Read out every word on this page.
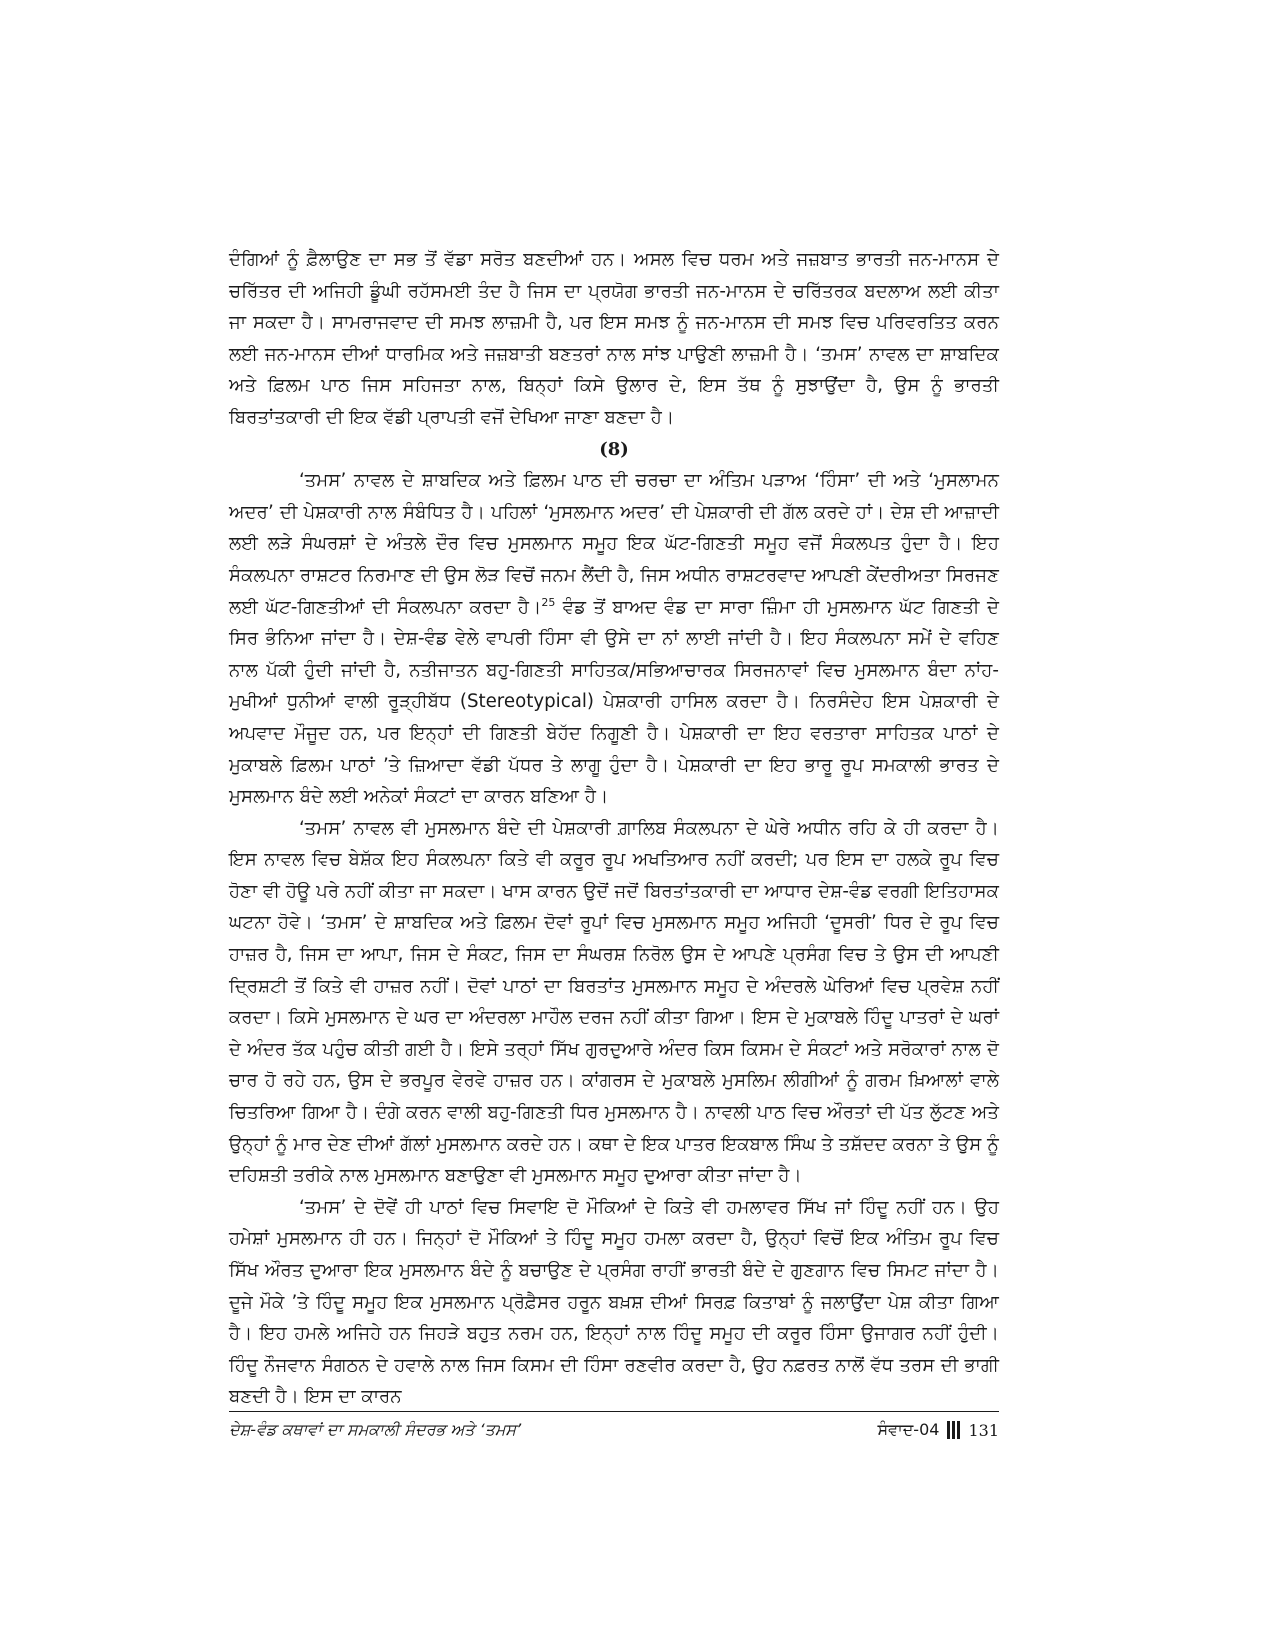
ਦੰਗਿਆਂ ਨੂੰ ਫ਼ੈਲਾਉਣ ਦਾ ਸਭ ਤੋਂ ਵੱਡਾ ਸਰੋਤ ਬਣਦੀਆਂ ਹਨ। ਅਸਲ ਵਿਚ ਧਰਮ ਅਤੇ ਜਜ਼ਬਾਤ ਭਾਰਤੀ ਜਨ-ਮਾਨਸ ਦੇ ਚਰਿੱਤਰ ਦੀ ਅਜਿਹੀ ਡੂੰਘੀ ਰਹੱਸਮਈ ਤੰਦ ਹੈ ਜਿਸ ਦਾ ਪ੍ਰਯੋਗ ਭਾਰਤੀ ਜਨ-ਮਾਨਸ ਦੇ ਚਰਿੱਤਰਕ ਬਦਲਾਅ ਲਈ ਕੀਤਾ ਜਾ ਸਕਦਾ ਹੈ। ਸਾਮਰਾਜਵਾਦ ਦੀ ਸਮਝ ਲਾਜ਼ਮੀ ਹੈ, ਪਰ ਇਸ ਸਮਝ ਨੂੰ ਜਨ-ਮਾਨਸ ਦੀ ਸਮਝ ਵਿਚ ਪਰਿਵਰਤਿਤ ਕਰਨ ਲਈ ਜਨ-ਮਾਨਸ ਦੀਆਂ ਧਾਰਮਿਕ ਅਤੇ ਜਜ਼ਬਾਤੀ ਬਣਤਰਾਂ ਨਾਲ ਸਾਂਝ ਪਾਉਣੀ ਲਾਜ਼ਮੀ ਹੈ। ‘ਤਮਸ’ ਨਾਵਲ ਦਾ ਸ਼ਾਬਦਿਕ ਅਤੇ ਫ਼ਿਲਮ ਪਾਠ ਜਿਸ ਸਹਿਜਤਾ ਨਾਲ, ਬਿਨ੍ਹਾਂ ਕਿਸੇ ਉਲਾਰ ਦੇ, ਇਸ ਤੱਥ ਨੂੰ ਸੁਝਾਉਂਦਾ ਹੈ, ਉਸ ਨੂੰ ਭਾਰਤੀ ਬਿਰਤਾਂਤਕਾਰੀ ਦੀ ਇਕ ਵੱਡੀ ਪ੍ਰਾਪਤੀ ਵਜੋਂ ਦੇਖਿਆ ਜਾਣਾ ਬਣਦਾ ਹੈ।

(8)

‘ਤਮਸ’ ਨਾਵਲ ਦੇ ਸ਼ਾਬਦਿਕ ਅਤੇ ਫ਼ਿਲਮ ਪਾਠ ਦੀ ਚਰਚਾ ਦਾ ਅੰਤਿਮ ਪੜਾਅ ‘ਹਿੰਸਾ’ ਦੀ ਅਤੇ ‘ਮੁਸਲਾਮਨ ਅਦਰ’ ਦੀ ਪੇਸ਼ਕਾਰੀ ਨਾਲ ਸੰਬੰਧਿਤ ਹੈ। ਪਹਿਲਾਂ ‘ਮੁਸਲਮਾਨ ਅਦਰ’ ਦੀ ਪੇਸ਼ਕਾਰੀ ਦੀ ਗੱਲ ਕਰਦੇ ਹਾਂ। ਦੇਸ਼ ਦੀ ਆਜ਼ਾਦੀ ਲਈ ਲੜੇ ਸੰਘਰਸ਼ਾਂ ਦੇ ਅੰਤਲੇ ਦੌਰ ਵਿਚ ਮੁਸਲਮਾਨ ਸਮੂਹ ਇਕ ਘੱਟ-ਗਿਣਤੀ ਸਮੂਹ ਵਜੋਂ ਸੰਕਲਪਤ ਹੁੰਦਾ ਹੈ। ਇਹ ਸੰਕਲਪਨਾ ਰਾਸ਼ਟਰ ਨਿਰਮਾਣ ਦੀ ਉਸ ਲੋੜ ਵਿਚੋਂ ਜਨਮ ਲੈਂਦੀ ਹੈ, ਜਿਸ ਅਧੀਨ ਰਾਸ਼ਟਰਵਾਦ ਆਪਣੀ ਕੇਂਦਰੀਅਤਾ ਸਿਰਜਣ ਲਈ ਘੱਟ-ਗਿਣਤੀਆਂ ਦੀ ਸੰਕਲਪਨਾ ਕਰਦਾ ਹੈ।$^{25}$ ਵੰਡ ਤੋਂ ਬਾਅਦ ਵੰਡ ਦਾ ਸਾਰਾ ਜ਼ਿੰਮਾ ਹੀ ਮੁਸਲਮਾਨ ਘੱਟ ਗਿਣਤੀ ਦੇ ਸਿਰ ਭੰਨਿਆ ਜਾਂਦਾ ਹੈ। ਦੇਸ਼-ਵੰਡ ਵੇਲੇ ਵਾਪਰੀ ਹਿੰਸਾ ਵੀ ਉਸੇ ਦਾ ਨਾਂ ਲਾਈ ਜਾਂਦੀ ਹੈ। ਇਹ ਸੰਕਲਪਨਾ ਸਮੇਂ ਦੇ ਵਹਿਣ ਨਾਲ ਪੱਕੀ ਹੁੰਦੀ ਜਾਂਦੀ ਹੈ, ਨਤੀਜਾਤਨ ਬਹੁ-ਗਿਣਤੀ ਸਾਹਿਤਕ/ਸਭਿਆਚਾਰਕ ਸਿਰਜਨਾਵਾਂ ਵਿਚ ਮੁਸਲਮਾਨ ਬੰਦਾ ਨਾਂਹ-ਮੁਖੀਆਂ ਧੁਨੀਆਂ ਵਾਲੀ ਰੂੜ੍ਹੀਬੱਧ (Stereotypical) ਪੇਸ਼ਕਾਰੀ ਹਾਸਿਲ ਕਰਦਾ ਹੈ। ਨਿਰਸੰਦੇਹ ਇਸ ਪੇਸ਼ਕਾਰੀ ਦੇ ਅਪਵਾਦ ਮੌਜੂਦ ਹਨ, ਪਰ ਇਨ੍ਹਾਂ ਦੀ ਗਿਣਤੀ ਬੇਹੱਦ ਨਿਗੂਣੀ ਹੈ। ਪੇਸ਼ਕਾਰੀ ਦਾ ਇਹ ਵਰਤਾਰਾ ਸਾਹਿਤਕ ਪਾਠਾਂ ਦੇ ਮੁਕਾਬਲੇ ਫ਼ਿਲਮ ਪਾਠਾਂ ’ਤੇ ਜ਼ਿਆਦਾ ਵੱਡੀ ਪੱਧਰ ਤੇ ਲਾਗੂ ਹੁੰਦਾ ਹੈ। ਪੇਸ਼ਕਾਰੀ ਦਾ ਇਹ ਭਾਰੂ ਰੂਪ ਸਮਕਾਲੀ ਭਾਰਤ ਦੇ ਮੁਸਲਮਾਨ ਬੰਦੇ ਲਈ ਅਨੇਕਾਂ ਸੰਕਟਾਂ ਦਾ ਕਾਰਨ ਬਣਿਆ ਹੈ।

‘ਤਮਸ’ ਨਾਵਲ ਵੀ ਮੁਸਲਮਾਨ ਬੰਦੇ ਦੀ ਪੇਸ਼ਕਾਰੀ ਗ਼ਾਲਿਬ ਸੰਕਲਪਨਾ ਦੇ ਘੇਰੇ ਅਧੀਨ ਰਹਿ ਕੇ ਹੀ ਕਰਦਾ ਹੈ। ਇਸ ਨਾਵਲ ਵਿਚ ਬੇਸ਼ੱਕ ਇਹ ਸੰਕਲਪਨਾ ਕਿਤੇ ਵੀ ਕਰੂਰ ਰੂਪ ਅਖਤਿਆਰ ਨਹੀਂ ਕਰਦੀ; ਪਰ ਇਸ ਦਾ ਹਲਕੇ ਰੂਪ ਵਿਚ ਹੋਣਾ ਵੀ ਹੋਊ ਪਰੇ ਨਹੀਂ ਕੀਤਾ ਜਾ ਸਕਦਾ। ਖਾਸ ਕਾਰਨ ਉਦੋਂ ਜਦੋਂ ਬਿਰਤਾਂਤਕਾਰੀ ਦਾ ਆਧਾਰ ਦੇਸ਼-ਵੰਡ ਵਰਗੀ ਇਤਿਹਾਸਕ ਘਟਨਾ ਹੋਵੇ। ‘ਤਮਸ’ ਦੇ ਸ਼ਾਬਦਿਕ ਅਤੇ ਫ਼ਿਲਮ ਦੋਵਾਂ ਰੂਪਾਂ ਵਿਚ ਮੁਸਲਮਾਨ ਸਮੂਹ ਅਜਿਹੀ ‘ਦੂਸਰੀ’ ਧਿਰ ਦੇ ਰੂਪ ਵਿਚ ਹਾਜ਼ਰ ਹੈ, ਜਿਸ ਦਾ ਆਪਾ, ਜਿਸ ਦੇ ਸੰਕਟ, ਜਿਸ ਦਾ ਸੰਘਰਸ਼ ਨਿਰੋਲ ਉਸ ਦੇ ਆਪਣੇ ਪ੍ਰਸੰਗ ਵਿਚ ਤੇ ਉਸ ਦੀ ਆਪਣੀ ਦ੍ਰਿਸ਼ਟੀ ਤੋਂ ਕਿਤੇ ਵੀ ਹਾਜ਼ਰ ਨਹੀਂ। ਦੋਵਾਂ ਪਾਠਾਂ ਦਾ ਬਿਰਤਾਂਤ ਮੁਸਲਮਾਨ ਸਮੂਹ ਦੇ ਅੰਦਰਲੇ ਘੇਰਿਆਂ ਵਿਚ ਪ੍ਰਵੇਸ਼ ਨਹੀਂ ਕਰਦਾ। ਕਿਸੇ ਮੁਸਲਮਾਨ ਦੇ ਘਰ ਦਾ ਅੰਦਰਲਾ ਮਾਹੌਲ ਦਰਜ ਨਹੀਂ ਕੀਤਾ ਗਿਆ। ਇਸ ਦੇ ਮੁਕਾਬਲੇ ਹਿੰਦੂ ਪਾਤਰਾਂ ਦੇ ਘਰਾਂ ਦੇ ਅੰਦਰ ਤੱਕ ਪਹੁੰਚ ਕੀਤੀ ਗਈ ਹੈ। ਇਸੇ ਤਰ੍ਹਾਂ ਸਿੱਖ ਗੁਰਦੁਆਰੇ ਅੰਦਰ ਕਿਸ ਕਿਸਮ ਦੇ ਸੰਕਟਾਂ ਅਤੇ ਸਰੋਕਾਰਾਂ ਨਾਲ ਦੋ ਚਾਰ ਹੋ ਰਹੇ ਹਨ, ਉਸ ਦੇ ਭਰਪੂਰ ਵੇਰਵੇ ਹਾਜ਼ਰ ਹਨ। ਕਾਂਗਰਸ ਦੇ ਮੁਕਾਬਲੇ ਮੁਸਲਿਮ ਲੀਗੀਆਂ ਨੂੰ ਗਰਮ ਖ਼ਿਆਲਾਂ ਵਾਲੇ ਚਿਤਰਿਆ ਗਿਆ ਹੈ। ਦੰਗੇ ਕਰਨ ਵਾਲੀ ਬਹੁ-ਗਿਣਤੀ ਧਿਰ ਮੁਸਲਮਾਨ ਹੈ। ਨਾਵਲੀ ਪਾਠ ਵਿਚ ਔਰਤਾਂ ਦੀ ਪੱਤ ਲੁੱਟਣ ਅਤੇ ਉਨ੍ਹਾਂ ਨੂੰ ਮਾਰ ਦੇਣ ਦੀਆਂ ਗੱਲਾਂ ਮੁਸਲਮਾਨ ਕਰਦੇ ਹਨ। ਕਥਾ ਦੇ ਇਕ ਪਾਤਰ ਇਕਬਾਲ ਸਿੰਘ ਤੇ ਤਸ਼ੱਦਦ ਕਰਨਾ ਤੇ ਉਸ ਨੂੰ ਦਹਿਸ਼ਤੀ ਤਰੀਕੇ ਨਾਲ ਮੁਸਲਮਾਨ ਬਣਾਉਣਾ ਵੀ ਮੁਸਲਮਾਨ ਸਮੂਹ ਦੁਆਰਾ ਕੀਤਾ ਜਾਂਦਾ ਹੈ।

‘ਤਮਸ’ ਦੇ ਦੋਵੇਂ ਹੀ ਪਾਠਾਂ ਵਿਚ ਸਿਵਾਇ ਦੋ ਮੌਕਿਆਂ ਦੇ ਕਿਤੇ ਵੀ ਹਮਲਾਵਰ ਸਿੱਖ ਜਾਂ ਹਿੰਦੂ ਨਹੀਂ ਹਨ। ਉਹ ਹਮੇਸ਼ਾਂ ਮੁਸਲਮਾਨ ਹੀ ਹਨ। ਜਿਨ੍ਹਾਂ ਦੋ ਮੌਕਿਆਂ ਤੇ ਹਿੰਦੂ ਸਮੂਹ ਹਮਲਾ ਕਰਦਾ ਹੈ, ਉਨ੍ਹਾਂ ਵਿਚੋਂ ਇਕ ਅੰਤਿਮ ਰੂਪ ਵਿਚ ਸਿੱਖ ਔਰਤ ਦੁਆਰਾ ਇਕ ਮੁਸਲਮਾਨ ਬੰਦੇ ਨੂੰ ਬਚਾਉਣ ਦੇ ਪ੍ਰਸੰਗ ਰਾਹੀਂ ਭਾਰਤੀ ਬੰਦੇ ਦੇ ਗੁਣਗਾਨ ਵਿਚ ਸਿਮਟ ਜਾਂਦਾ ਹੈ। ਦੂਜੇ ਮੌਕੇ ’ਤੇ ਹਿੰਦੂ ਸਮੂਹ ਇਕ ਮੁਸਲਮਾਨ ਪ੍ਰੋਫ਼ੈਸਰ ਹਰੂਨ ਬਖ਼ਸ਼ ਦੀਆਂ ਸਿਰਫ਼ ਕਿਤਾਬਾਂ ਨੂੰ ਜਲਾਉਂਦਾ ਪੇਸ਼ ਕੀਤਾ ਗਿਆ ਹੈ। ਇਹ ਹਮਲੇ ਅਜਿਹੇ ਹਨ ਜਿਹੜੇ ਬਹੁਤ ਨਰਮ ਹਨ, ਇਨ੍ਹਾਂ ਨਾਲ ਹਿੰਦੂ ਸਮੂਹ ਦੀ ਕਰੂਰ ਹਿੰਸਾ ਉਜਾਗਰ ਨਹੀਂ ਹੁੰਦੀ। ਹਿੰਦੂ ਨੌਜਵਾਨ ਸੰਗਠਨ ਦੇ ਹਵਾਲੇ ਨਾਲ ਜਿਸ ਕਿਸਮ ਦੀ ਹਿੰਸਾ ਰਣਵੀਰ ਕਰਦਾ ਹੈ, ਉਹ ਨਫ਼ਰਤ ਨਾਲੋਂ ਵੱਧ ਤਰਸ ਦੀ ਭਾਗੀ ਬਣਦੀ ਹੈ। ਇਸ ਦਾ ਕਾਰਨ

ਦੇਸ਼-ਵੰਡ ਕਥਾਵਾਂ ਦਾ ਸਮਕਾਲੀ ਸੰਦਰਭ ਅਤੇ ‘ਤਮਸ’	ਸੰਵਾਦ-04 131
